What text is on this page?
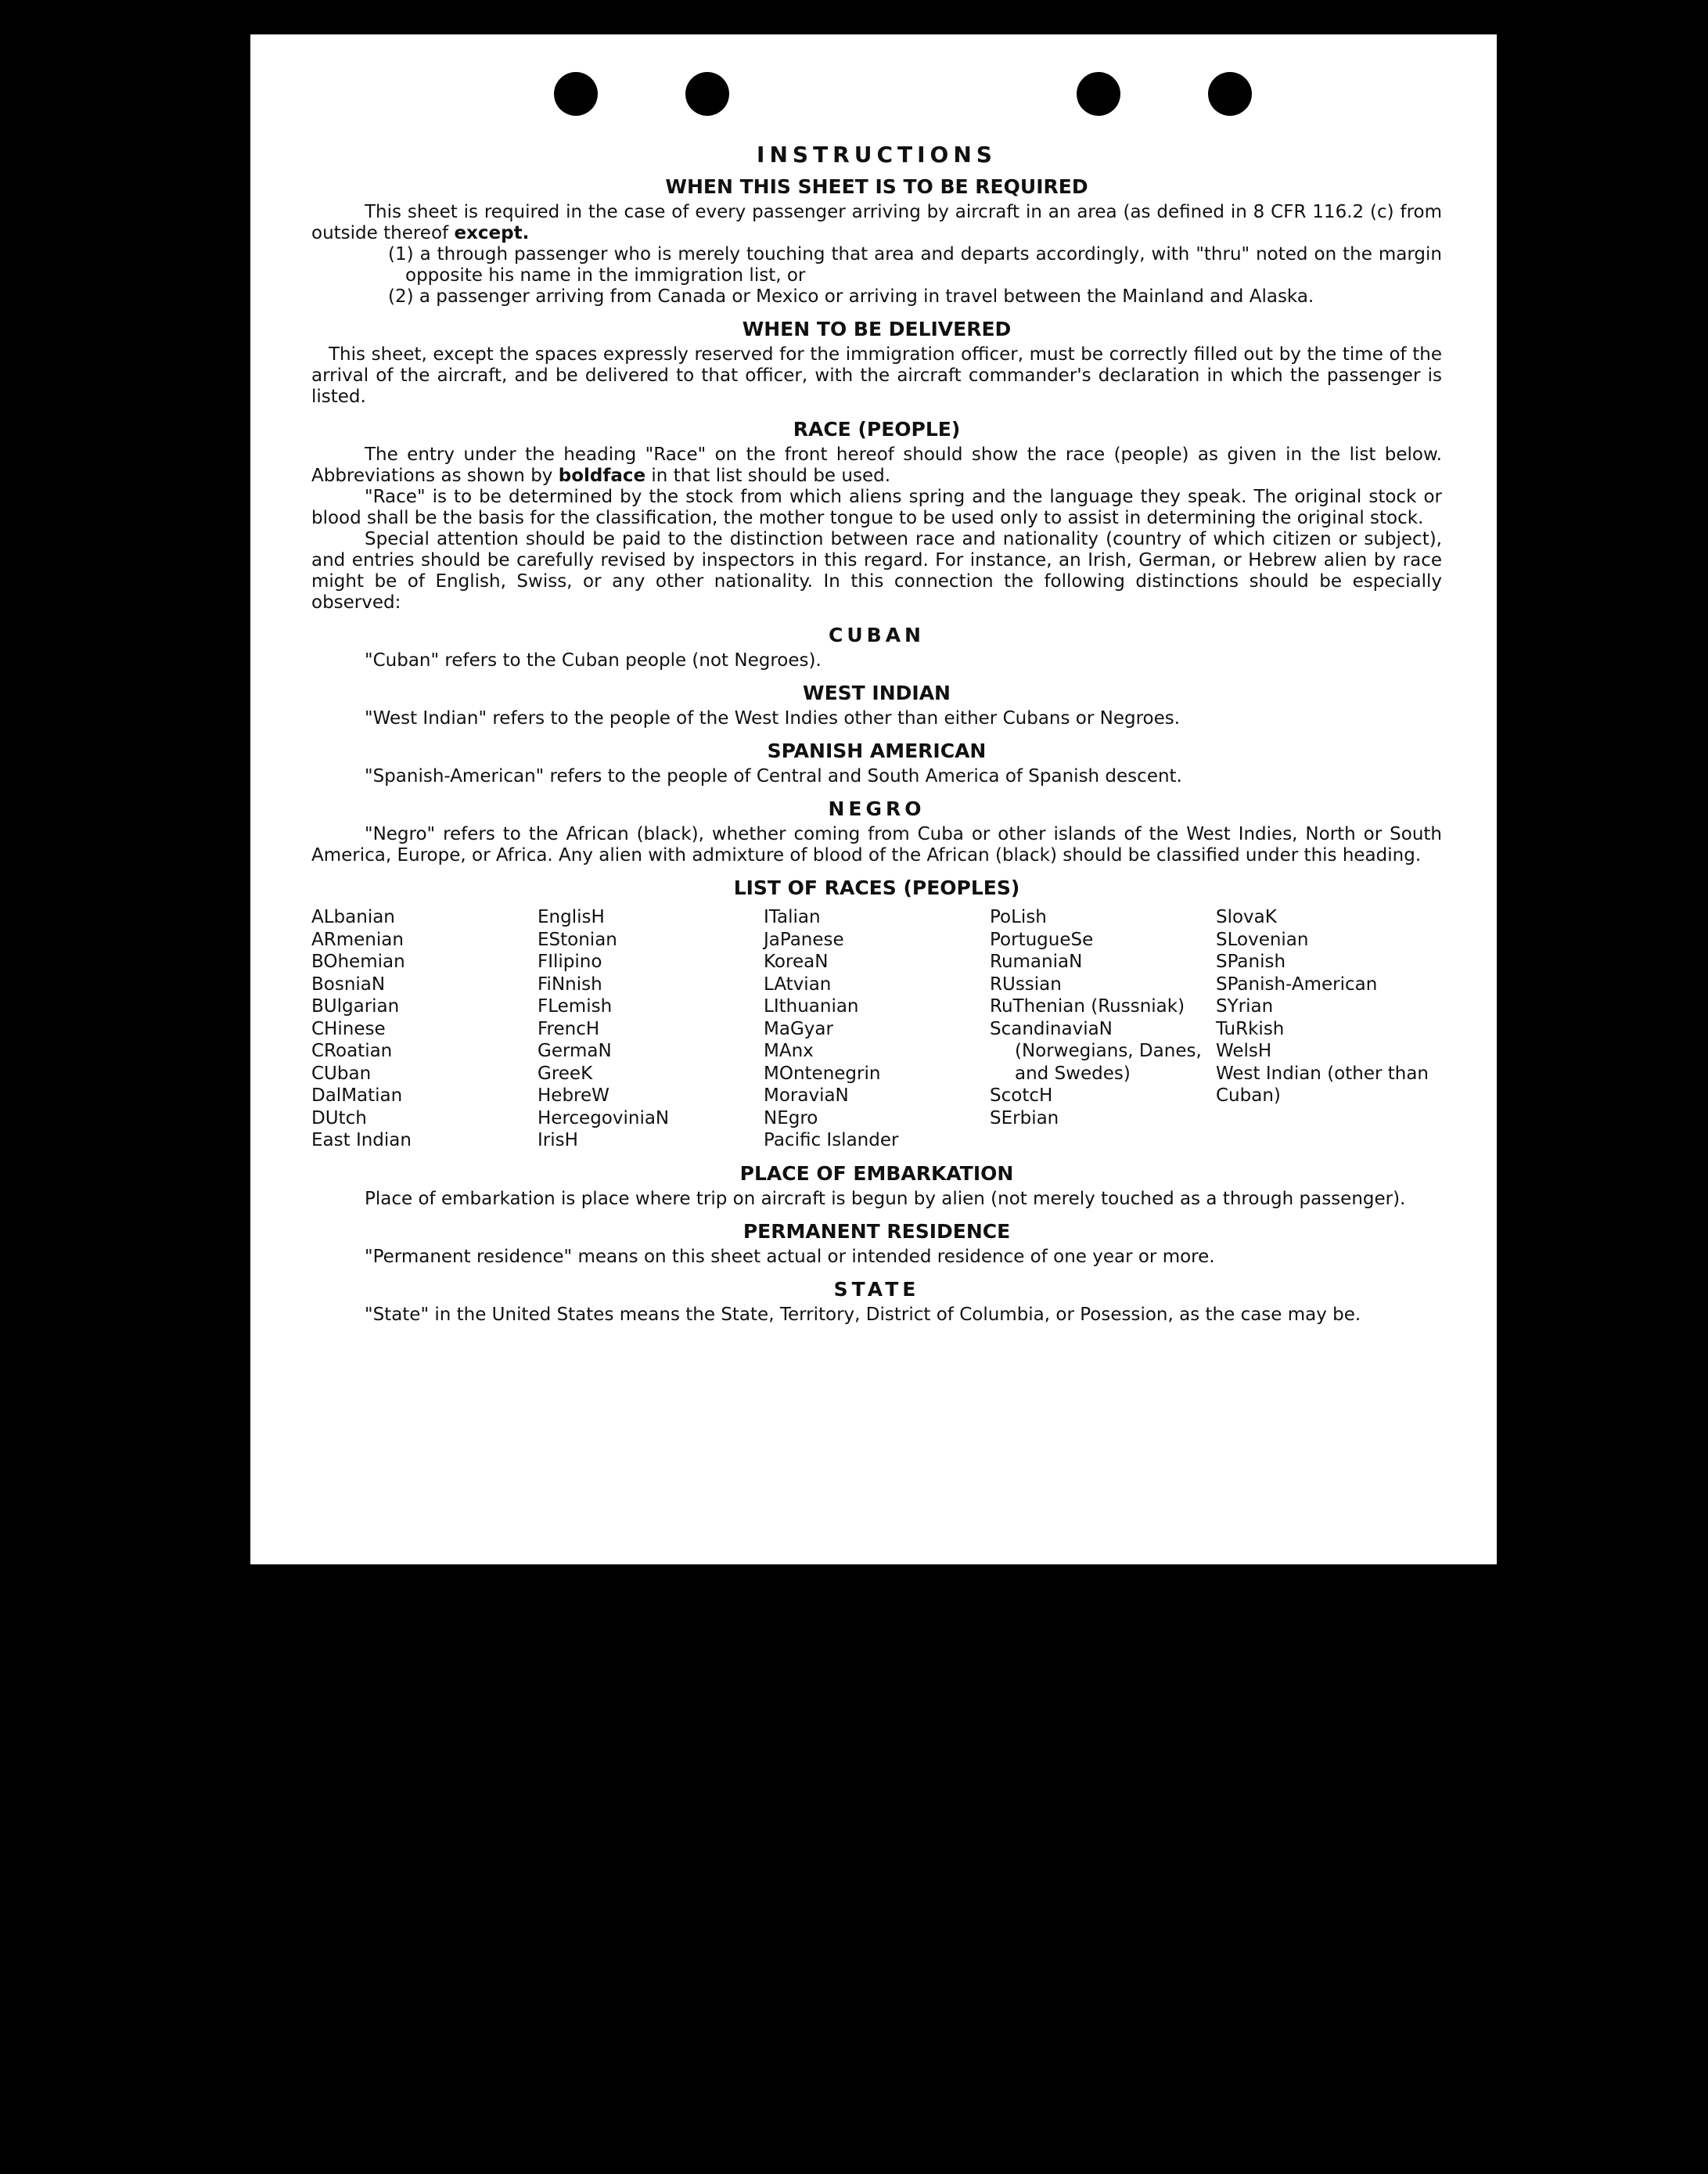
INSTRUCTIONS
WHEN THIS SHEET IS TO BE REQUIRED

This sheet is required in the case of every passenger arriving by aircraft in an area (as defined in 8 CFR 116.2 (c) from outside thereof except.

(1) a through passenger who is merely touching that area and departs accordingly, with "thru" noted on the margin opposite his name in the immigration list, or

(2) a passenger arriving from Canada or Mexico or arriving in travel between the Mainland and Alaska.

WHEN TO BE DELIVERED

This sheet, except the spaces expressly reserved for the immigration officer, must be correctly filled out by the time of the arrival of the aircraft, and be delivered to that officer, with the aircraft commander's declaration in which the passenger is listed.

RACE (PEOPLE)

The entry under the heading "Race" on the front hereof should show the race (people) as given in the list below. Abbreviations as shown by boldface in that list should be used.

"Race" is to be determined by the stock from which aliens spring and the language they speak. The original stock or blood shall be the basis for the classification, the mother tongue to be used only to assist in determining the original stock.

Special attention should be paid to the distinction between race and nationality (country of which citizen or subject), and entries should be carefully revised by inspectors in this regard. For instance, an Irish, German, or Hebrew alien by race might be of English, Swiss, or any other nationality. In this connection the following distinctions should be especially observed:

CUBAN

"Cuban" refers to the Cuban people (not Negroes).

WEST INDIAN

"West Indian" refers to the people of the West Indies other than either Cubans or Negroes.

SPANISH AMERICAN

"Spanish-American" refers to the people of Central and South America of Spanish descent.

NEGRO

"Negro" refers to the African (black), whether coming from Cuba or other islands of the West Indies, North or South America, Europe, or Africa. Any alien with admixture of blood of the African (black) should be classified under this heading.

LIST OF RACES (PEOPLES)
ALbanian
ARmenian
BOhemian
BosniaN
BUlgarian
CHinese
CRoatian
CUban
DalMatian
DUtch
East Indian
EnglisH
EStonian
FIlipino
FiNnish
FLemish
FrencH
GermaN
GreeK
HebreW
HercegoviniaN
IrisH
ITalian
JaPanese
KoreaN
LAtvian
LIthuanian
MaGyar
MAnx
MOntenegrin
MoraviaN
NEgro
Pacific Islander
PoLish
PortugueSe
RumaniaN
RUssian
RuThenian (Russniak)
ScandinaviaN
(Norwegians, Danes, and Swedes)
ScotcH
SErbian
SlovaK
SLovenian
SPanish
SPanish-American
SYrian
TuRkish
WelsH
West Indian (other than Cuban)
PLACE OF EMBARKATION

Place of embarkation is place where trip on aircraft is begun by alien (not merely touched as a through passenger).

PERMANENT RESIDENCE

"Permanent residence" means on this sheet actual or intended residence of one year or more.

STATE

"State" in the United States means the State, Territory, District of Columbia, or Posession, as the case may be.
